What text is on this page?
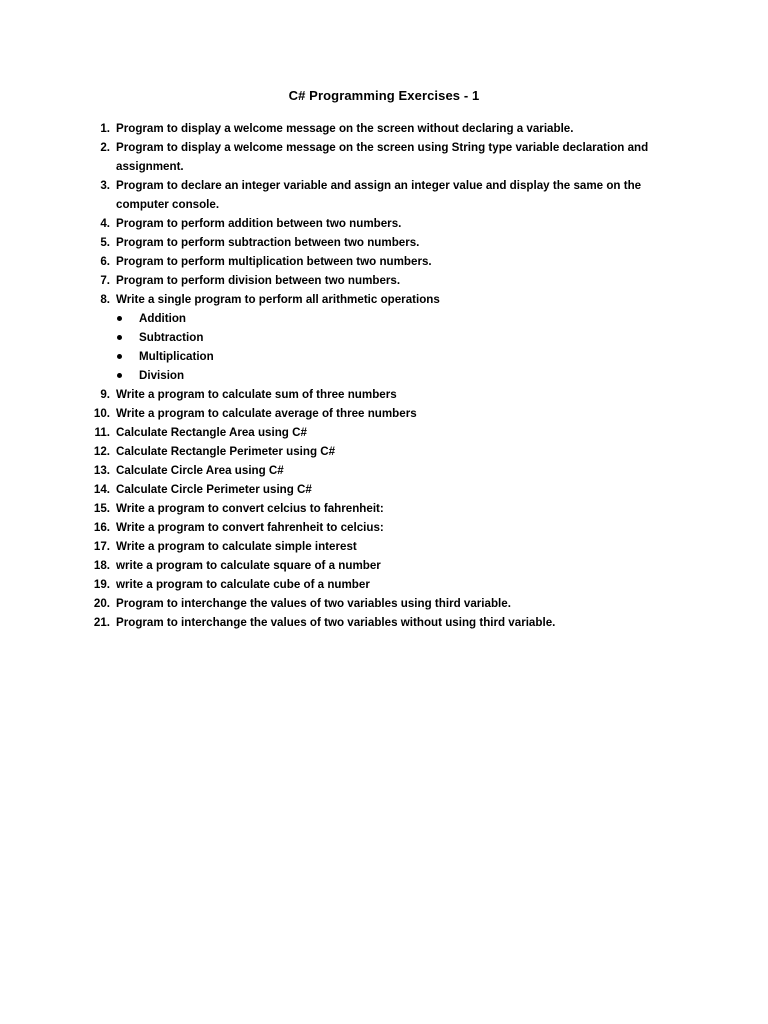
C# Programming Exercises - 1
1. Program to display a welcome message on the screen without declaring a variable.
2. Program to display a welcome message on the screen using String type variable declaration and assignment.
3. Program to declare an integer variable and assign an integer value and display the same on the computer console.
4. Program to perform addition between two numbers.
5. Program to perform subtraction between two numbers.
6. Program to perform multiplication between two numbers.
7. Program to perform division between two numbers.
8. Write a single program to perform all arithmetic operations
Addition
Subtraction
Multiplication
Division
9. Write a program to calculate sum of three numbers
10. Write a program to calculate average of three numbers
11. Calculate Rectangle Area using C#
12. Calculate Rectangle Perimeter using C#
13. Calculate Circle Area using C#
14. Calculate Circle Perimeter using C#
15. Write a program to convert celcius to fahrenheit:
16. Write a program to convert fahrenheit to celcius:
17. Write a program to calculate simple interest
18. write a program to calculate square of a number
19. write a program to calculate cube of a number
20. Program to interchange the values of two variables using third variable.
21. Program to interchange the values of two variables without using third variable.
